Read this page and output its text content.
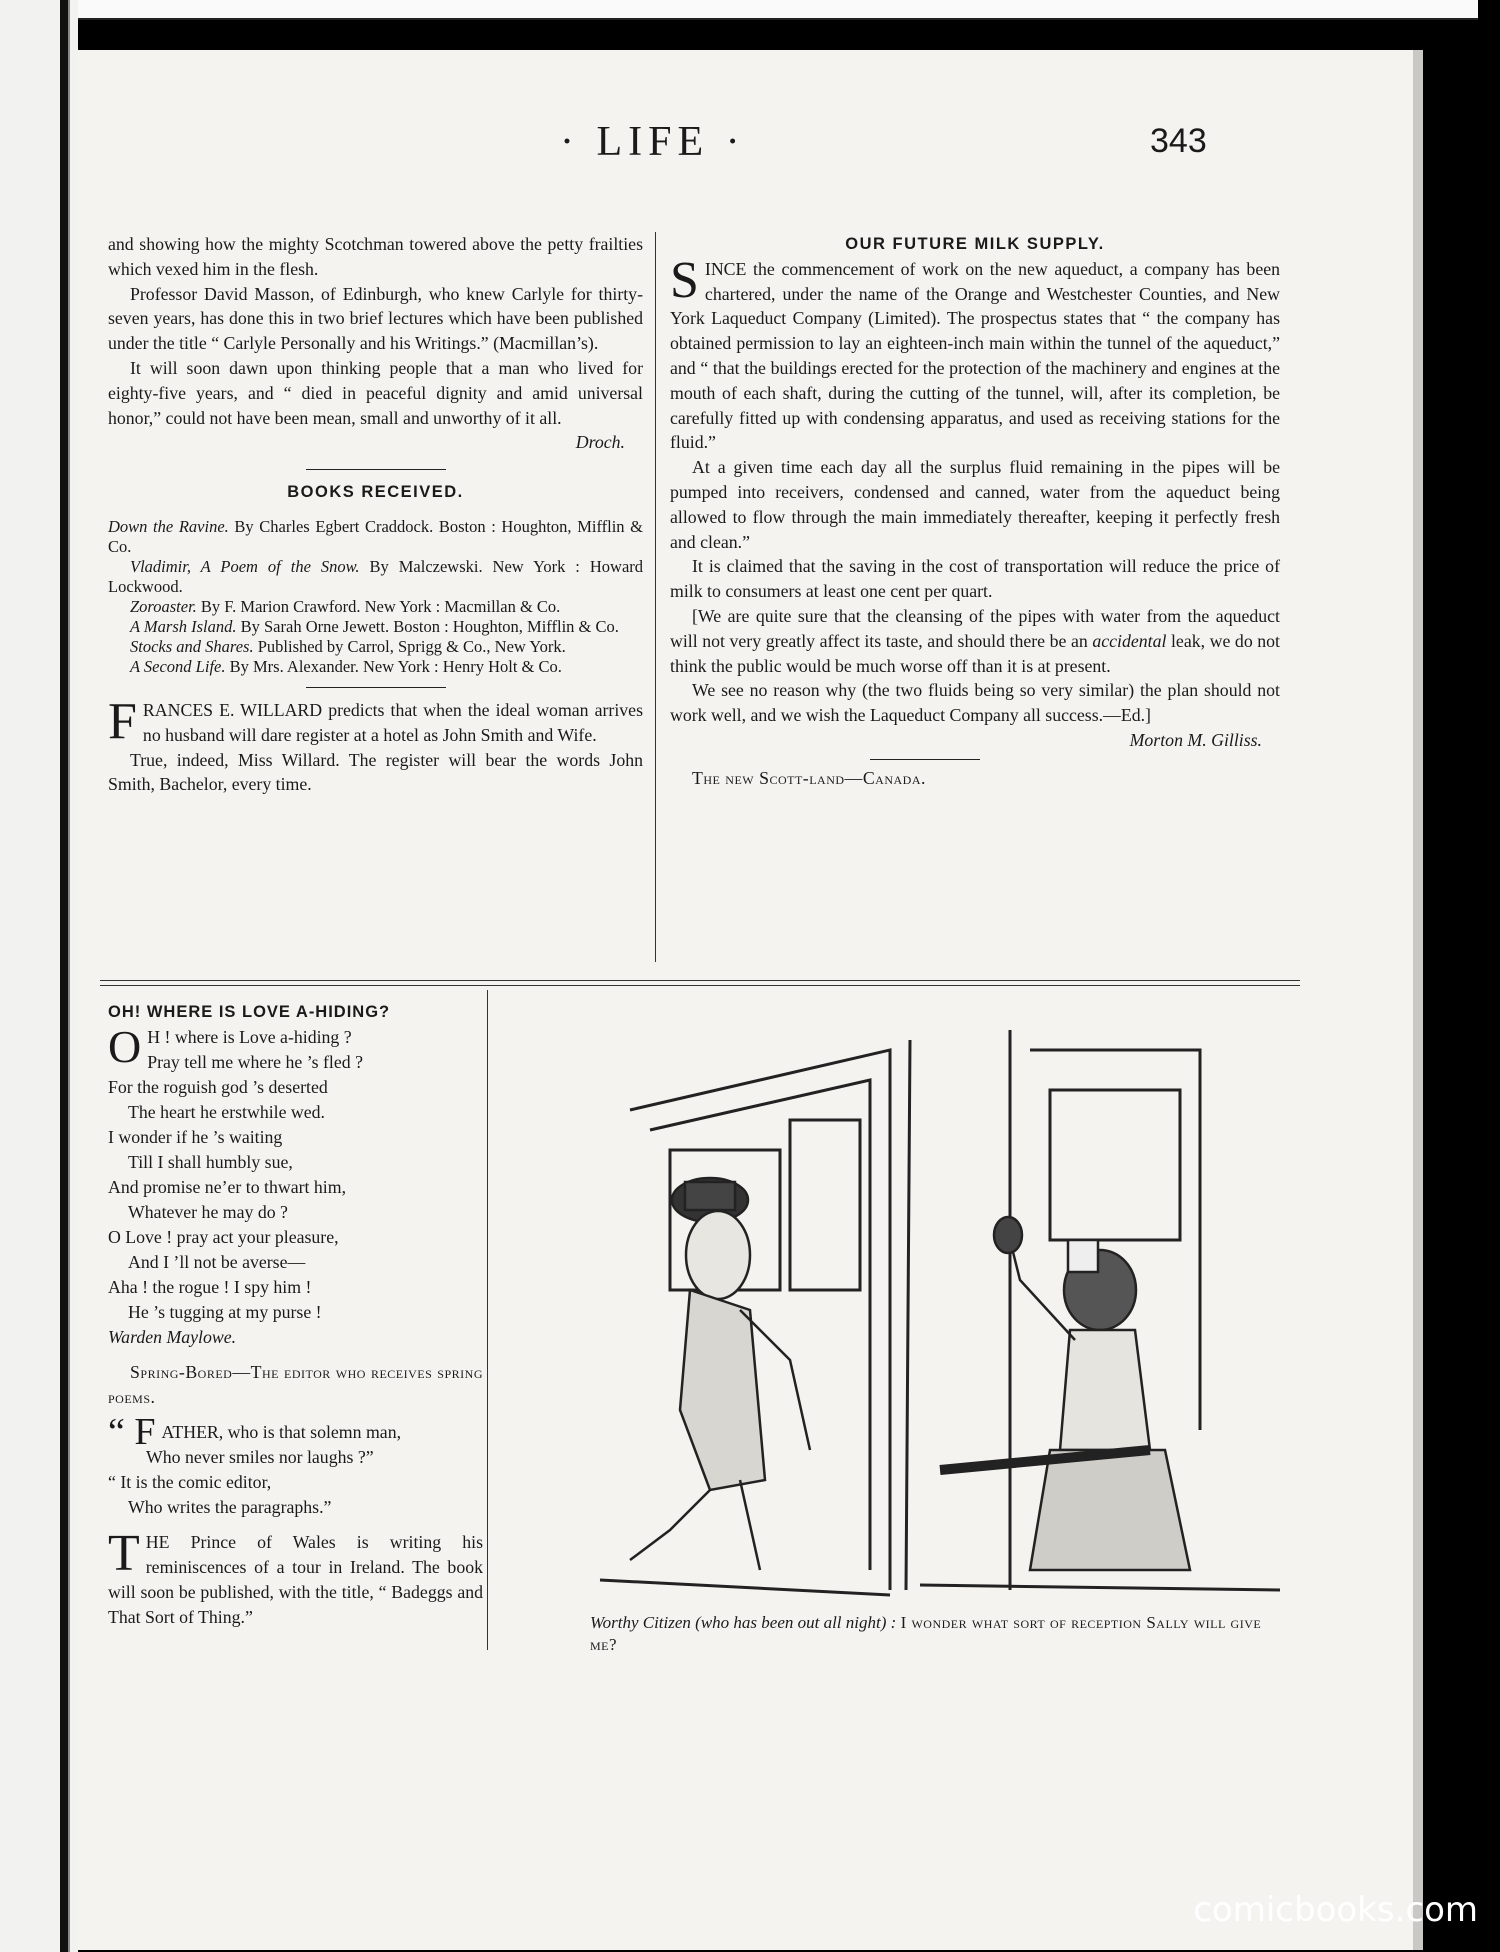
· LIFE ·	343

and showing how the mighty Scotchman towered above the petty frailties which vexed him in the flesh.

Professor David Masson, of Edinburgh, who knew Carlyle for thirty-seven years, has done this in two brief lectures which have been published under the title “ Carlyle Personally and his Writings.” (Macmillan’s).

It will soon dawn upon thinking people that a man who lived for eighty-five years, and “ died in peaceful dignity and amid universal honor,” could not have been mean, small and unworthy of it all.

Droch.

BOOKS RECEIVED.

Down the Ravine. By Charles Egbert Craddock. Boston : Houghton, Mifflin & Co.

Vladimir, A Poem of the Snow. By Malczewski. New York : Howard Lockwood.

Zoroaster. By F. Marion Crawford. New York : Macmillan & Co.

A Marsh Island. By Sarah Orne Jewett. Boston : Houghton, Mifflin & Co.

Stocks and Shares. Published by Carrol, Sprigg & Co., New York.

A Second Life. By Mrs. Alexander. New York : Henry Holt & Co.

FRANCES E. WILLARD predicts that when the ideal woman arrives no husband will dare register at a hotel as John Smith and Wife.

True, indeed, Miss Willard. The register will bear the words John Smith, Bachelor, every time.

OUR FUTURE MILK SUPPLY.

SINCE the commencement of work on the new aqueduct, a company has been chartered, under the name of the Orange and Westchester Counties, and New York Laqueduct Company (Limited). The prospectus states that “ the company has obtained permission to lay an eighteen-inch main within the tunnel of the aqueduct,” and “ that the buildings erected for the protection of the machinery and engines at the mouth of each shaft, during the cutting of the tunnel, will, after its completion, be carefully fitted up with condensing apparatus, and used as receiving stations for the fluid.”

At a given time each day all the surplus fluid remaining in the pipes will be pumped into receivers, condensed and canned, water from the aqueduct being allowed to flow through the main immediately thereafter, keeping it perfectly fresh and clean.”

It is claimed that the saving in the cost of transportation will reduce the price of milk to consumers at least one cent per quart.

[We are quite sure that the cleansing of the pipes with water from the aqueduct will not very greatly affect its taste, and should there be an accidental leak, we do not think the public would be much worse off than it is at present.

We see no reason why (the two fluids being so very similar) the plan should not work well, and we wish the Laqueduct Company all success.—Ed.]

Morton M. Gilliss.

The new Scott-land—Canada.

OH! WHERE IS LOVE A-HIDING?

O H ! where is Love a-hiding ?

Pray tell me where he ’s fled ?

For the roguish god ’s deserted

The heart he erstwhile wed.

I wonder if he ’s waiting

Till I shall humbly sue,

And promise ne’er to thwart him,

Whatever he may do ?

O Love ! pray act your pleasure,

And I ’ll not be averse—

Aha ! the rogue ! I spy him !

He ’s tugging at my purse !

Warden Maylowe.

Spring-Bored—The editor who receives spring poems.

“ F ATHER, who is that solemn man,

Who never smiles nor laughs ?”

“ It is the comic editor,

Who writes the paragraphs.”

THE Prince of Wales is writing his reminiscences of a tour in Ireland. The book will soon be published, with the title, “ Badeggs and That Sort of Thing.”	Worthy Citizen (who has been out all night) : I wonder what sort of reception Sally will give me?
comicbooks.com
